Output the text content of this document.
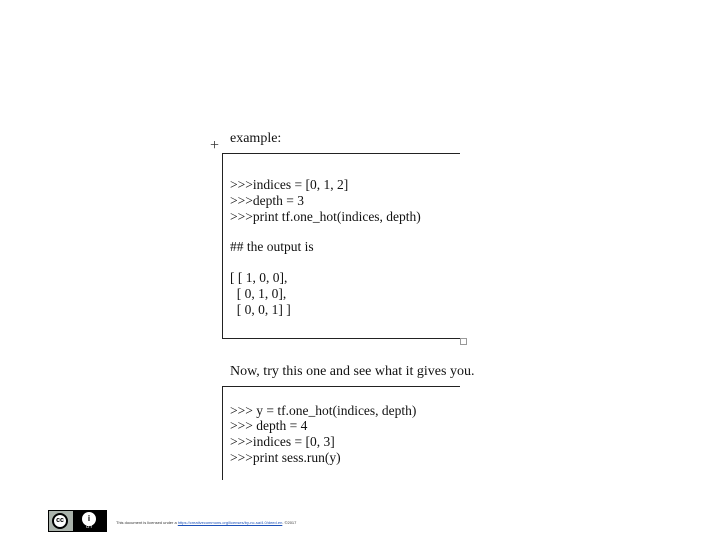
+ example:
>>>indices = [0, 1, 2]
>>>depth = 3
>>>print tf.one_hot(indices, depth)
## the output is
[ [ 1, 0, 0],
[ 0, 1, 0],
[ 0, 0, 1] ]
Now, try this one and see what it gives you.
>>> y = tf.one_hot(indices, depth)
>>> depth = 4
>>>indices = [0, 3]
>>>print sess.run(y)
cc	i
BY
This document is licensed under a https://creativecommons.org/licenses/by-nc-sa/4.0/deed.en. ©2017
